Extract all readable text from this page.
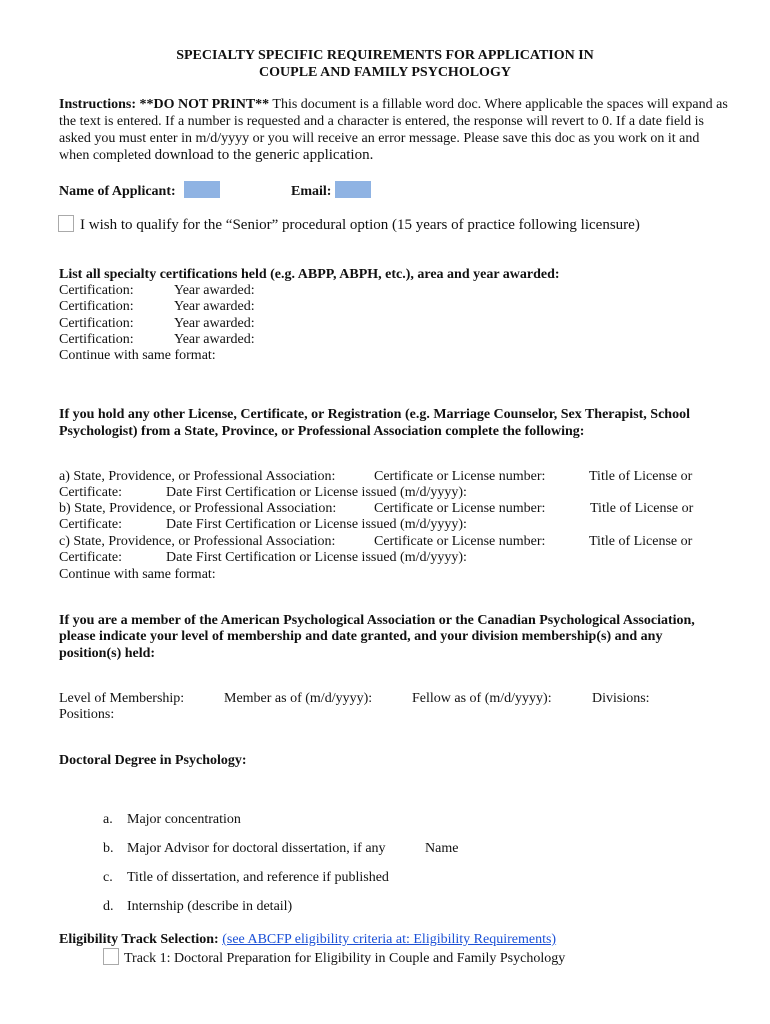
SPECIALTY SPECIFIC REQUIREMENTS FOR APPLICATION IN
COUPLE AND FAMILY PSYCHOLOGY
Instructions: **DO NOT PRINT** This document is a fillable word doc. Where applicable the spaces will expand as the text is entered. If a number is requested and a character is entered, the response will revert to 0. If a date field is asked you must enter in m/d/yyyy or you will receive an error message. Please save this doc as you work on it and when completed download to the generic application.
Name of Applicant:	Email:
I wish to qualify for the “Senior” procedural option (15 years of practice following licensure)
List all specialty certifications held (e.g. ABPP, ABPH, etc.), area and year awarded:
Certification:	Year awarded:
Certification:	Year awarded:
Certification:	Year awarded:
Certification:	Year awarded:
Continue with same format:
If you hold any other License, Certificate, or Registration (e.g. Marriage Counselor, Sex Therapist, School
Psychologist) from a State, Province, or Professional Association complete the following:
a) State, Providence, or Professional Association:	Certificate or License number:	Title of License or
Certificate:	Date First Certification or License issued (m/d/yyyy):
b) State, Providence, or Professional Association:	Certificate or License number:	Title of License or
Certificate:	Date First Certification or License issued (m/d/yyyy):
c) State, Providence, or Professional Association:	Certificate or License number:	Title of License or
Certificate:	Date First Certification or License issued (m/d/yyyy):
Continue with same format:
If you are a member of the American Psychological Association or the Canadian Psychological Association,
please indicate your level of membership and date granted, and your division membership(s) and any
position(s) held:
Level of Membership:	Member as of (m/d/yyyy):	Fellow as of (m/d/yyyy):	Divisions:
Positions:
Doctoral Degree in Psychology:
a. Major concentration
b. Major Advisor for doctoral dissertation, if any	Name
c. Title of dissertation, and reference if published
d. Internship (describe in detail)
Eligibility Track Selection: (see ABCFP eligibility criteria at: Eligibility Requirements)
Track 1: Doctoral Preparation for Eligibility in Couple and Family Psychology
